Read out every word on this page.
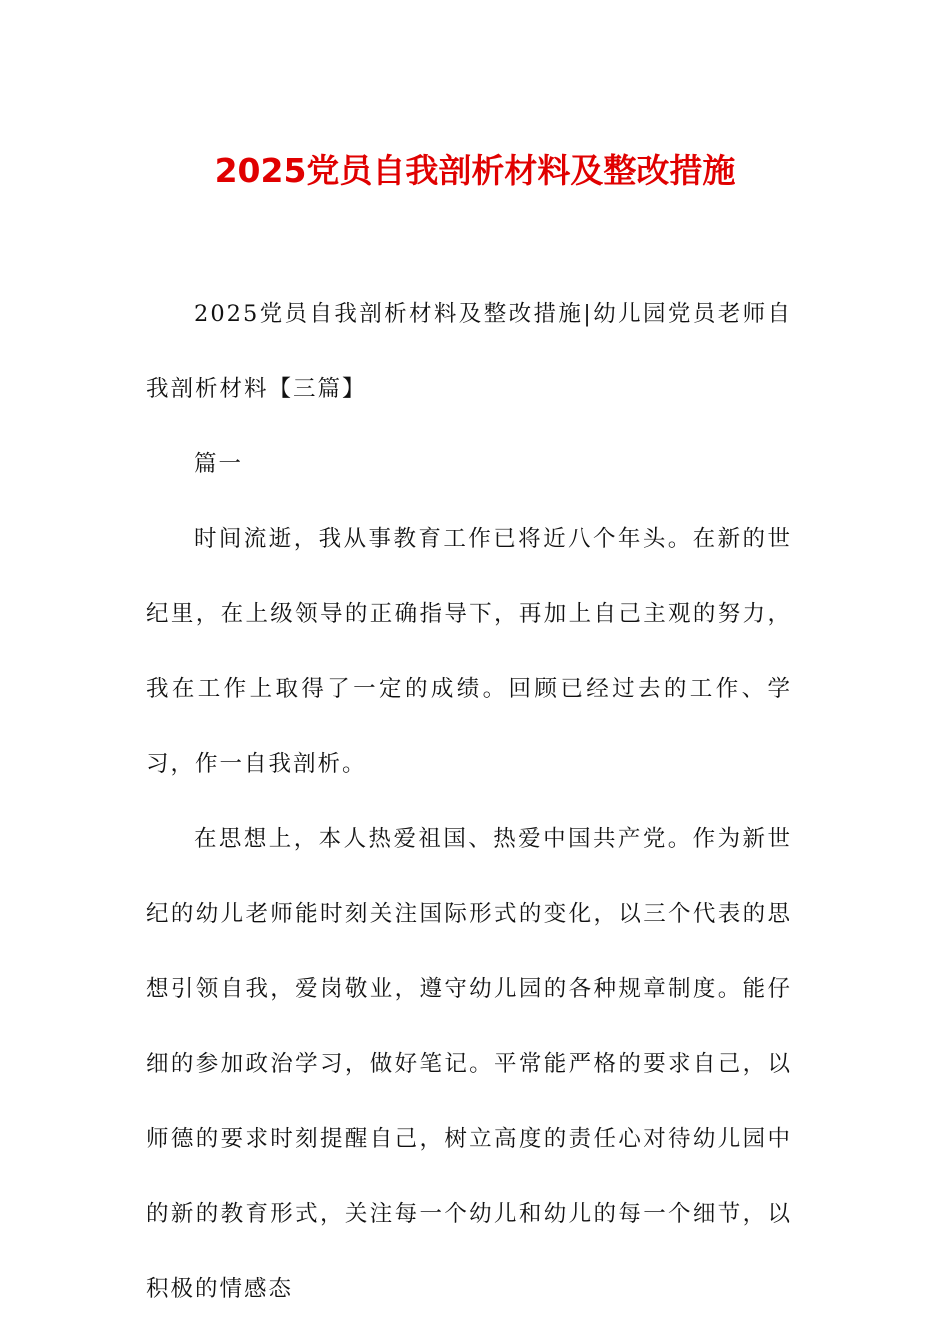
2025党员自我剖析材料及整改措施

2025党员自我剖析材料及整改措施|幼儿园党员老师自我剖析材料【三篇】

篇一

时间流逝，我从事教育工作已将近八个年头。在新的世纪里，在上级领导的正确指导下，再加上自己主观的努力，我在工作上取得了一定的成绩。回顾已经过去的工作、学习，作一自我剖析。

在思想上，本人热爱祖国、热爱中国共产党。作为新世纪的幼儿老师能时刻关注国际形式的变化，以三个代表的思想引领自我，爱岗敬业，遵守幼儿园的各种规章制度。能仔细的参加政治学习，做好笔记。平常能严格的要求自己，以师德的要求时刻提醒自己，树立高度的责任心对待幼儿园中的新的教育形式，关注每一个幼儿和幼儿的每一个细节，以积极的情感态
